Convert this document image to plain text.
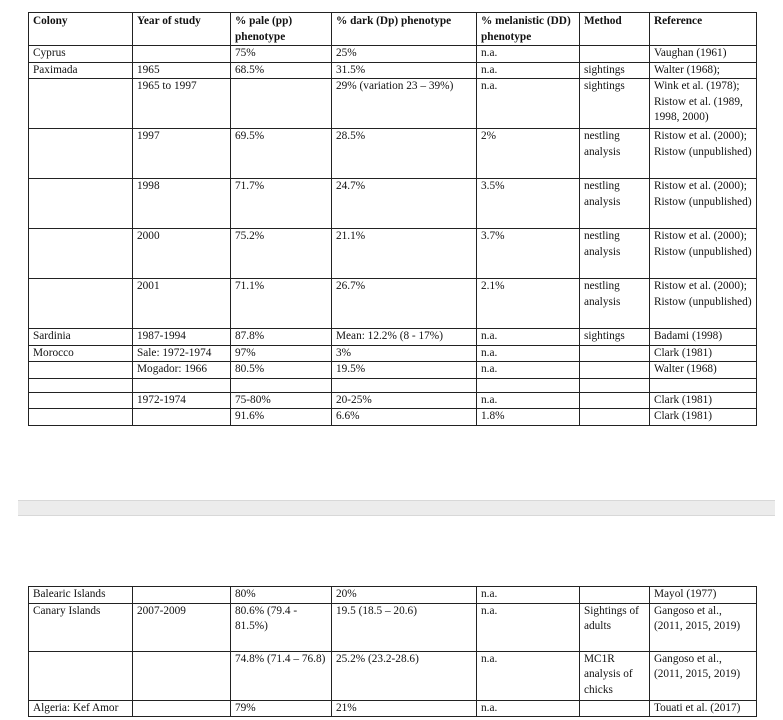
Colony	Year of study	% pale (pp) phenotype	% dark (Dp) phenotype	% melanistic (DD) phenotype	Method	Reference
Cyprus		75%	25%	n.a.		Vaughan (1961)
Paximada	1965	68.5%	31.5%	n.a.	sightings	Walter (1968);
	1965 to 1997		29% (variation 23 – 39%)	n.a.	sightings	Wink et al. (1978); Ristow et al. (1989, 1998, 2000)
	1997	69.5%	28.5%	2%	nestling analysis	Ristow et al. (2000); Ristow (unpublished)
	1998	71.7%	24.7%	3.5%	nestling analysis	Ristow et al. (2000); Ristow (unpublished)
	2000	75.2%	21.1%	3.7%	nestling analysis	Ristow et al. (2000); Ristow (unpublished)
	2001	71.1%	26.7%	2.1%	nestling analysis	Ristow et al. (2000); Ristow (unpublished)
Sardinia	1987-1994	87.8%	Mean: 12.2% (8 - 17%)	n.a.	sightings	Badami (1998)
Morocco	Sale: 1972-1974	97%	3%	n.a.		Clark (1981)
	Mogador: 1966	80.5%	19.5%	n.a.		Walter (1968)

	1972-1974	75-80%	20-25%	n.a.		Clark (1981)
		91.6%	6.6%	1.8%		Clark (1981)
Balearic Islands		80%	20%	n.a.		Mayol (1977)
Canary Islands	2007-2009	80.6% (79.4 - 81.5%)	19.5 (18.5 – 20.6)	n.a.	Sightings of adults	Gangoso et al., (2011, 2015, 2019)
		74.8% (71.4 – 76.8)	25.2% (23.2-28.6)	n.a.	MC1R analysis of chicks	Gangoso et al., (2011, 2015, 2019)
Algeria: Kef Amor		79%	21%	n.a.		Touati et al. (2017)
